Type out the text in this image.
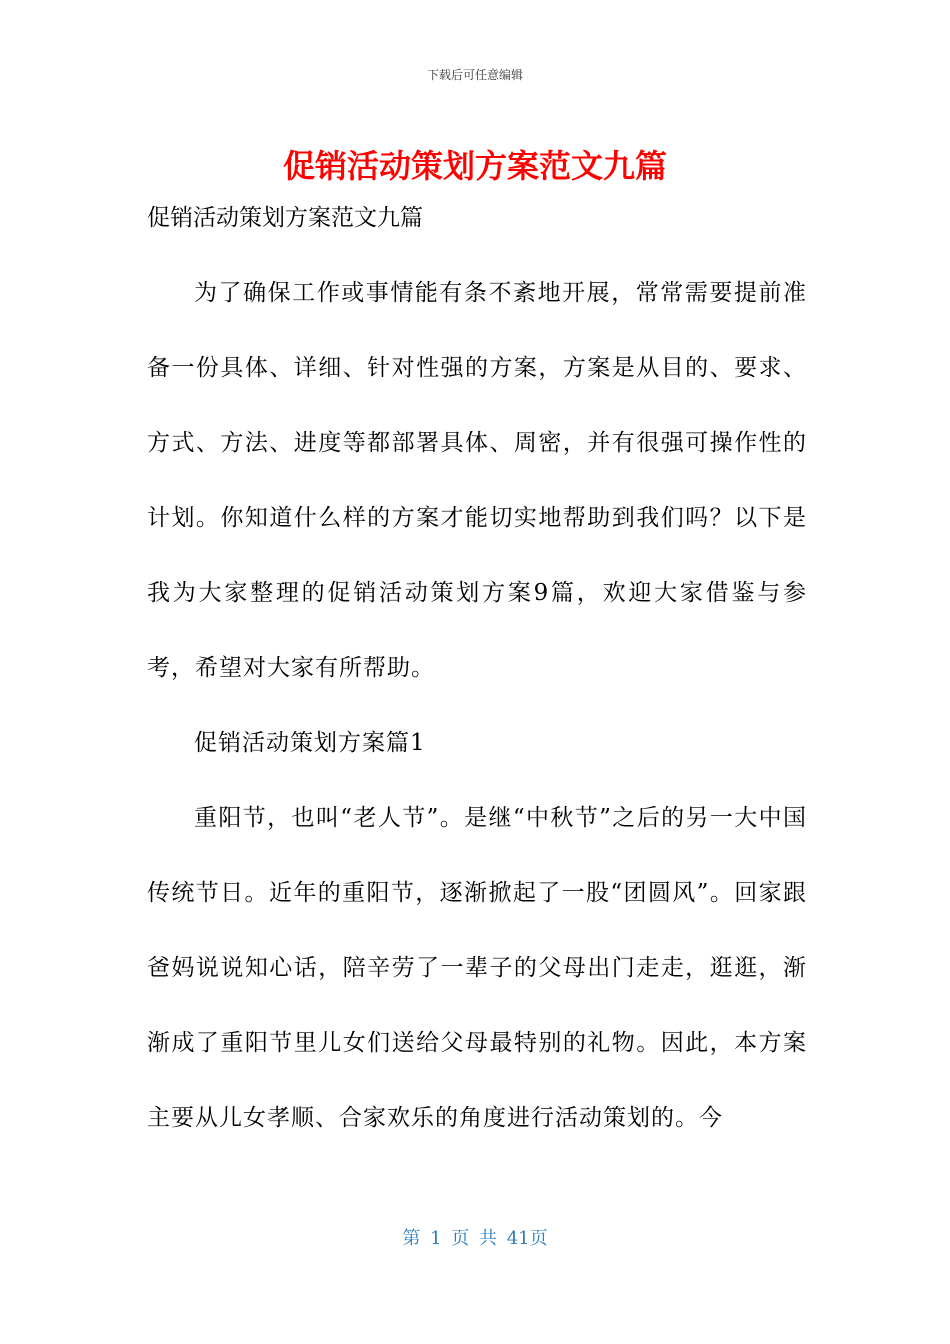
下载后可任意编辑
促销活动策划方案范文九篇
促销活动策划方案范文九篇

为了确保工作或事情能有条不紊地开展，常常需要提前准备一份具体、详细、针对性强的方案，方案是从目的、要求、方式、方法、进度等都部署具体、周密，并有很强可操作性的计划。你知道什么样的方案才能切实地帮助到我们吗？以下是我为大家整理的促销活动策划方案9篇，欢迎大家借鉴与参考，希望对大家有所帮助。

促销活动策划方案篇1

重阳节，也叫“老人节”。是继“中秋节”之后的另一大中国传统节日。近年的重阳节，逐渐掀起了一股“团圆风”。回家跟爸妈说说知心话，陪辛劳了一辈子的父母出门走走，逛逛，渐渐成了重阳节里儿女们送给父母最特别的礼物。因此，本方案主要从儿女孝顺、合家欢乐的角度进行活动策划的。今

第 1 页 共 41页
